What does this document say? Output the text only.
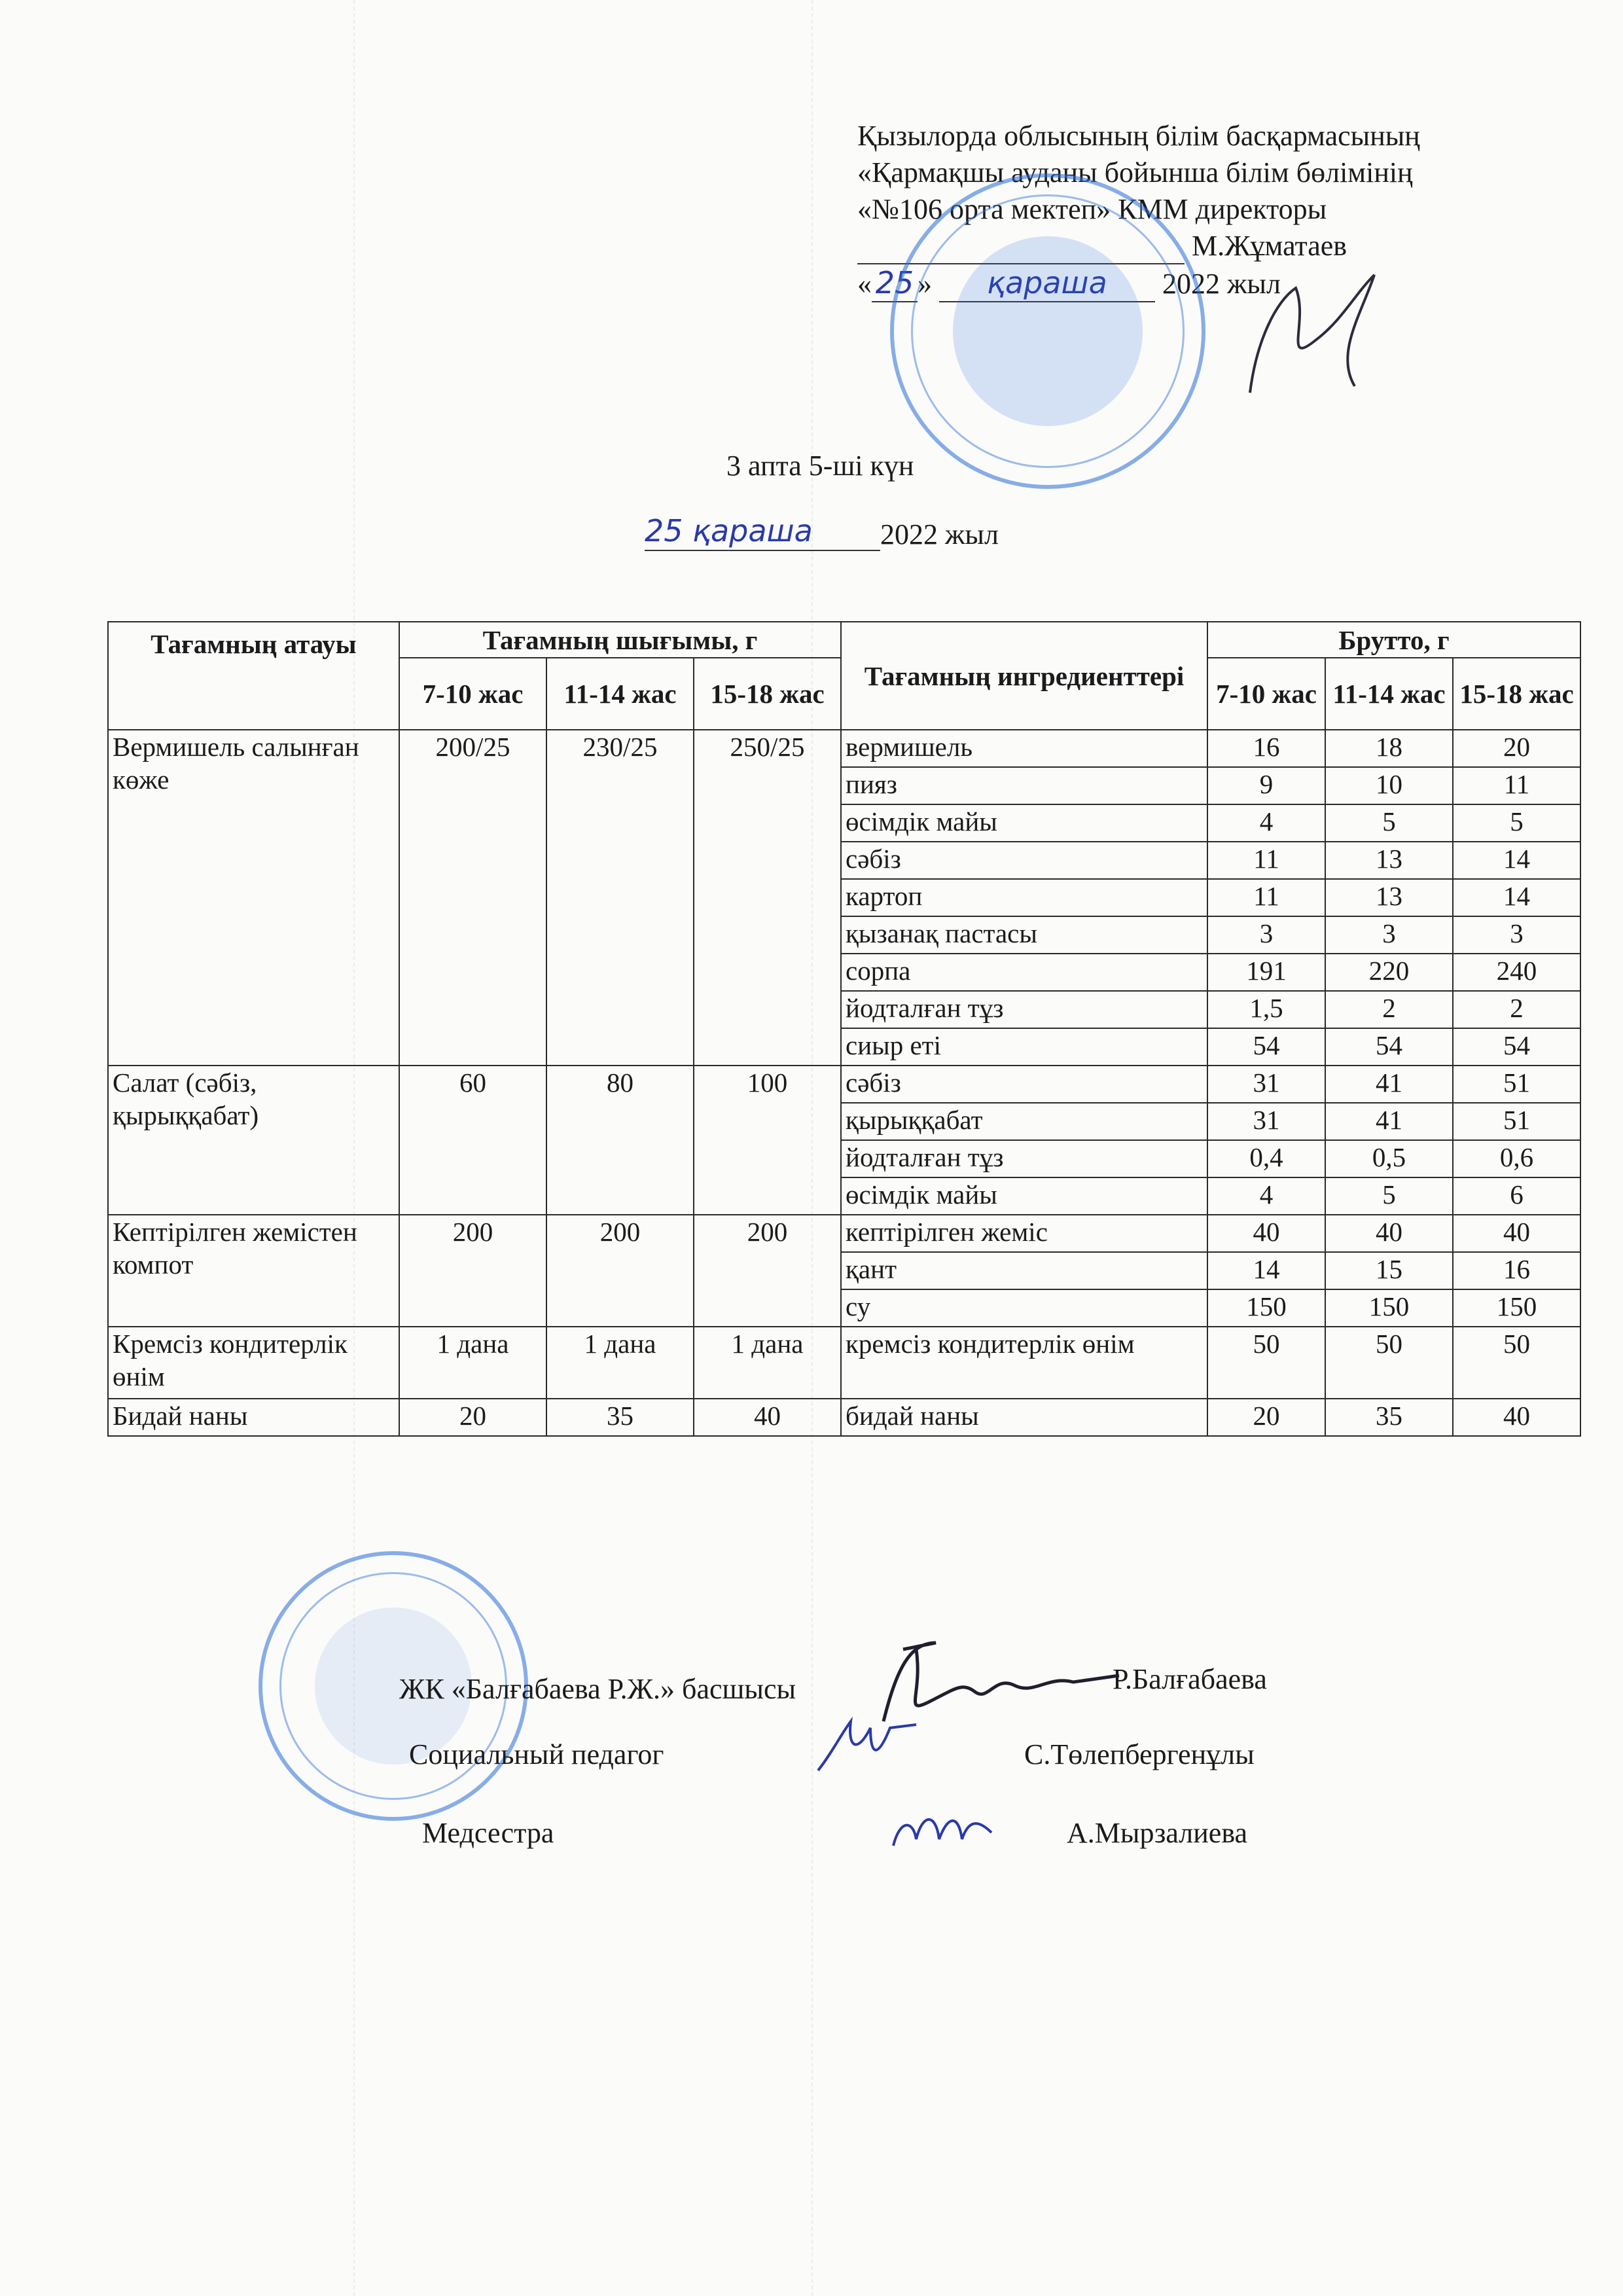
Қызылорда облысының білім басқармасының
«Қармақшы ауданы бойынша білім бөлімінің
«№106 орта мектеп» КММ директоры
М.Жұматаев
« 25 » қараша 2022 жыл
3 апта 5-ші күн
25 қараша 2022 жыл
Тағамның атауы	Тағамның шығымы, г			Тағамның ингредиенттері	Брутто, г		
	7-10 жас	11-14 жас	15-18 жас		7-10 жас	11-14 жас	15-18 жас
Вермишель салынған көже	200/25	230/25	250/25	вермишель	16	18	20
				пияз	9	10	11
				өсімдік майы	4	5	5
				сәбіз	11	13	14
				картоп	11	13	14
				қызанақ пастасы	3	3	3
				сорпа	191	220	240
				йодталған тұз	1,5	2	2
				сиыр еті	54	54	54
Салат (сәбіз, қырыққабат)	60	80	100	сәбіз	31	41	51
				қырыққабат	31	41	51
				йодталған тұз	0,4	0,5	0,6
				өсімдік майы	4	5	6
Кептірілген жемістен компот	200	200	200	кептірілген жеміс	40	40	40
				қант	14	15	16
				су	150	150	150
Кремсіз кондитерлік өнім	1 дана	1 дана	1 дана	кремсіз кондитерлік өнім	50	50	50
Бидай наны	20	35	40	бидай наны	20	35	40
ЖК «Балғабаева Р.Ж.» басшысы	Р.Балғабаева
Социальный педагог	С.Төлепбергенұлы
Медсестра	А.Мырзалиева
